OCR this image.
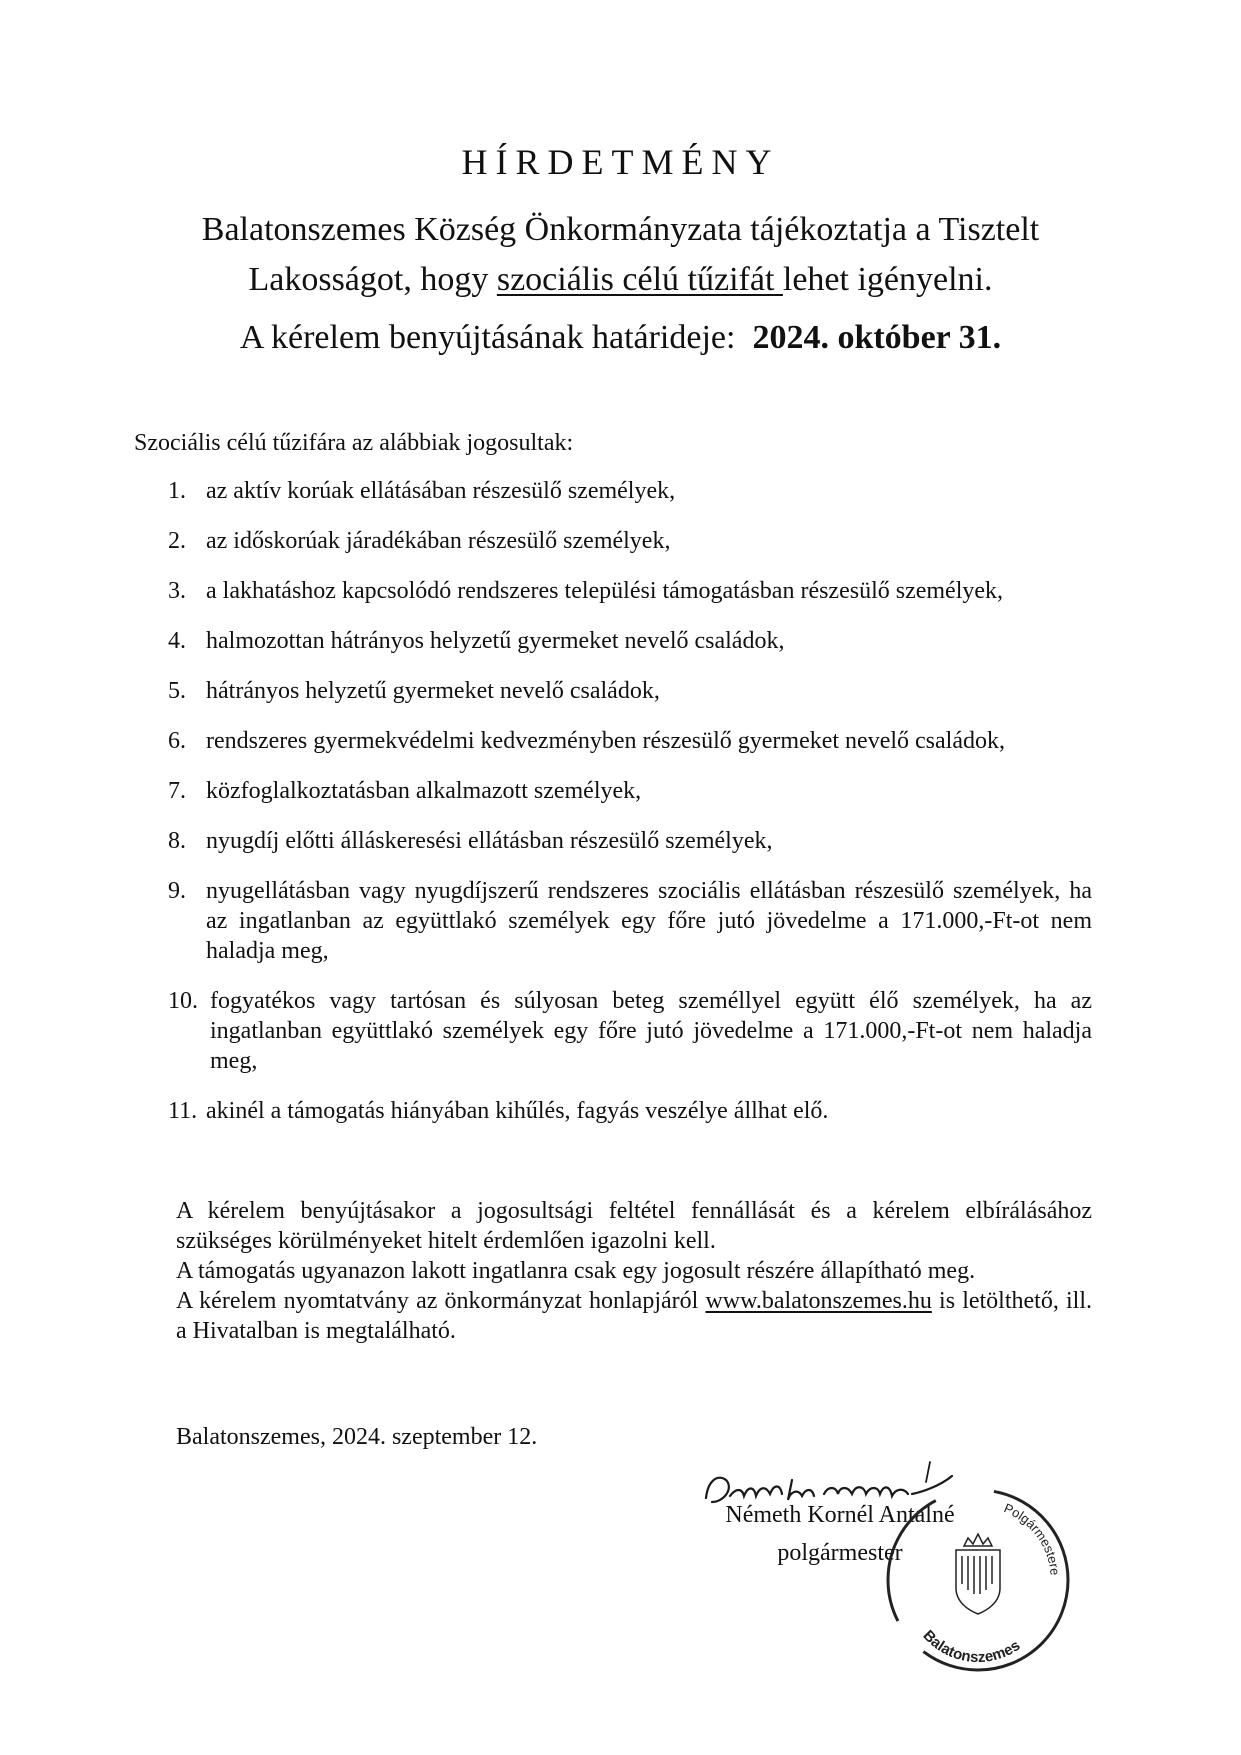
HÍRDETMÉNY
Balatonszemes Község Önkormányzata tájékoztatja a Tisztelt
Lakosságot, hogy szociális célú tűzifát lehet igényelni.
A kérelem benyújtásának határideje: 2024. október 31.
Szociális célú tűzifára az alábbiak jogosultak:
1. az aktív korúak ellátásában részesülő személyek,
2. az időskorúak járadékában részesülő személyek,
3. a lakhatáshoz kapcsolódó rendszeres települési támogatásban részesülő személyek,
4. halmozottan hátrányos helyzetű gyermeket nevelő családok,
5. hátrányos helyzetű gyermeket nevelő családok,
6. rendszeres gyermekvédelmi kedvezményben részesülő gyermeket nevelő családok,
7. közfoglalkoztatásban alkalmazott személyek,
8. nyugdíj előtti álláskeresési ellátásban részesülő személyek,
9. nyugellátásban vagy nyugdíjszerű rendszeres szociális ellátásban részesülő személyek, ha az ingatlanban az együttlakó személyek egy főre jutó jövedelme a 171.000,-Ft-ot nem haladja meg,
10. fogyatékos vagy tartósan és súlyosan beteg személlyel együtt élő személyek, ha az ingatlanban együttlakó személyek egy főre jutó jövedelme a 171.000,-Ft-ot nem haladja meg,
11. akinél a támogatás hiányában kihűlés, fagyás veszélye állhat elő.

A kérelem benyújtásakor a jogosultsági feltétel fennállását és a kérelem elbírálásához szükséges körülményeket hitelt érdemlően igazolni kell.

A támogatás ugyanazon lakott ingatlanra csak egy jogosult részére állapítható meg.

A kérelem nyomtatvány az önkormányzat honlapjáról www.balatonszemes.hu is letölthető, ill. a Hivatalban is megtalálható.

Balatonszemes, 2024. szeptember 12.
Németh Kornél Antalné
polgármester
Balatonszemes
Polgármestere
